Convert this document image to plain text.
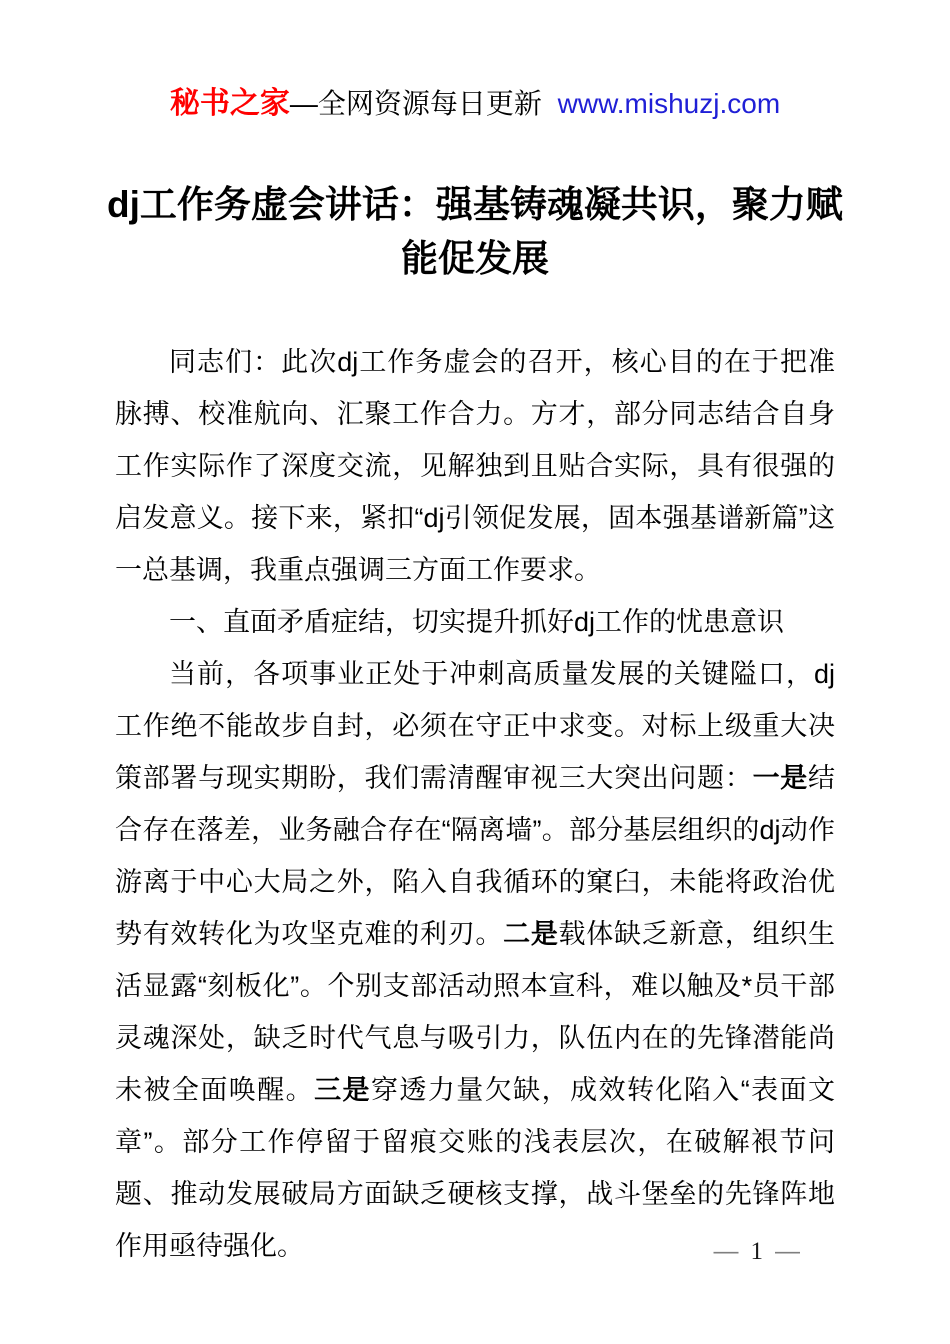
秘书之家—全网资源每日更新 www.mishuzj.com
dj工作务虚会讲话：强基铸魂凝共识，聚力赋能促发展

同志们：此次dj工作务虚会的召开，核心目的在于把准脉搏、校准航向、汇聚工作合力。方才，部分同志结合自身工作实际作了深度交流，见解独到且贴合实际，具有很强的启发意义。接下来，紧扣“dj引领促发展，固本强基谱新篇”这一总基调，我重点强调三方面工作要求。

一、直面矛盾症结，切实提升抓好dj工作的忧患意识

当前，各项事业正处于冲刺高质量发展的关键隘口，dj工作绝不能故步自封，必须在守正中求变。对标上级重大决策部署与现实期盼，我们需清醒审视三大突出问题：一是结合存在落差，业务融合存在“隔离墙”。部分基层组织的dj动作游离于中心大局之外，陷入自我循环的窠臼，未能将政治优势有效转化为攻坚克难的利刃。二是载体缺乏新意，组织生活显露“刻板化”。个别支部活动照本宣科，难以触及*员干部灵魂深处，缺乏时代气息与吸引力，队伍内在的先锋潜能尚未被全面唤醒。三是穿透力量欠缺，成效转化陷入“表面文章”。部分工作停留于留痕交账的浅表层次，在破解裉节问题、推动发展破局方面缺乏硬核支撑，战斗堡垒的先锋阵地作用亟待强化。	— 1 —
